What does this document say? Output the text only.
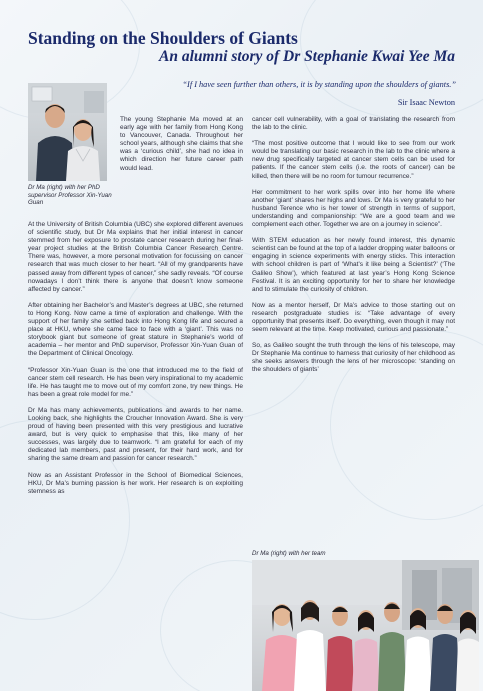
Standing on the Shoulders of Giants
An alumni story of Dr Stephanie Kwai Yee Ma
“If I have seen further than others, it is by standing upon the shoulders of giants.”
Sir Isaac Newton
Dr Ma (right) with her PhD supervisor Professor Xin-Yuan Guan

The young Stephanie Ma moved at an early age with her family from Hong Kong to Vancouver, Canada. Throughout her school years, although she claims that she was a ‘curious child’, she had no idea in which direction her future career path would lead.

At the University of British Columbia (UBC) she explored different avenues of scientific study, but Dr Ma explains that her initial interest in cancer stemmed from her exposure to prostate cancer research during her final-year project studies at the British Columbia Cancer Research Centre. There was, however, a more personal motivation for focussing on cancer research that was much closer to her heart. “All of my grandparents have passed away from different types of cancer,” she sadly reveals. “Of course nowadays I don’t think there is anyone that doesn’t know someone affected by cancer.”

After obtaining her Bachelor’s and Master’s degrees at UBC, she returned to Hong Kong. Now came a time of exploration and challenge. With the support of her family she settled back into Hong Kong life and secured a place at HKU, where she came face to face with a ‘giant’. This was no storybook giant but someone of great stature in Stephanie’s world of academia – her mentor and PhD supervisor, Professor Xin-Yuan Guan of the Department of Clinical Oncology.

“Professor Xin-Yuan Guan is the one that introduced me to the field of cancer stem cell research. He has been very inspirational to my academic life. He has taught me to move out of my comfort zone, try new things. He has been a great role model for me.”

Dr Ma has many achievements, publications and awards to her name. Looking back, she highlights the Croucher Innovation Award. She is very proud of having been presented with this very prestigious and lucrative award, but is very quick to emphasise that this, like many of her successes, was largely due to teamwork. “I am grateful for each of my dedicated lab members, past and present, for their hard work, and for sharing the same dream and passion for cancer research.”

Now as an Assistant Professor in the School of Biomedical Sciences, HKU, Dr Ma’s burning passion is her work. Her research is on exploiting stemness as

cancer cell vulnerability, with a goal of translating the research from the lab to the clinic.

“The most positive outcome that I would like to see from our work would be translating our basic research in the lab to the clinic where a new drug specifically targeted at cancer stem cells can be used for patients. If the cancer stem cells (i.e. the roots of cancer) can be killed, then there will be no room for tumour recurrence.”

Her commitment to her work spills over into her home life where another ‘giant’ shares her highs and lows. Dr Ma is very grateful to her husband Terence who is her tower of strength in terms of support, understanding and companionship: “We are a good team and we complement each other. Together we are on a journey in science”.

With STEM education as her newly found interest, this dynamic scientist can be found at the top of a ladder dropping water balloons or engaging in science experiments with energy sticks. This interaction with school children is part of ‘What’s it like being a Scientist?’ (‘The Galileo Show’), which featured at last year’s Hong Kong Science Festival. It is an exciting opportunity for her to share her knowledge and to stimulate the curiosity of children.

Now as a mentor herself, Dr Ma’s advice to those starting out on research postgraduate studies is: “Take advantage of every opportunity that presents itself. Do everything, even though it may not seem relevant at the time. Keep motivated, curious and passionate.”

So, as Galileo sought the truth through the lens of his telescope, may Dr Stephanie Ma continue to harness that curiosity of her childhood as she seeks answers through the lens of her microscope: ‘standing on the shoulders of giants’

Dr Ma (right) with her team
